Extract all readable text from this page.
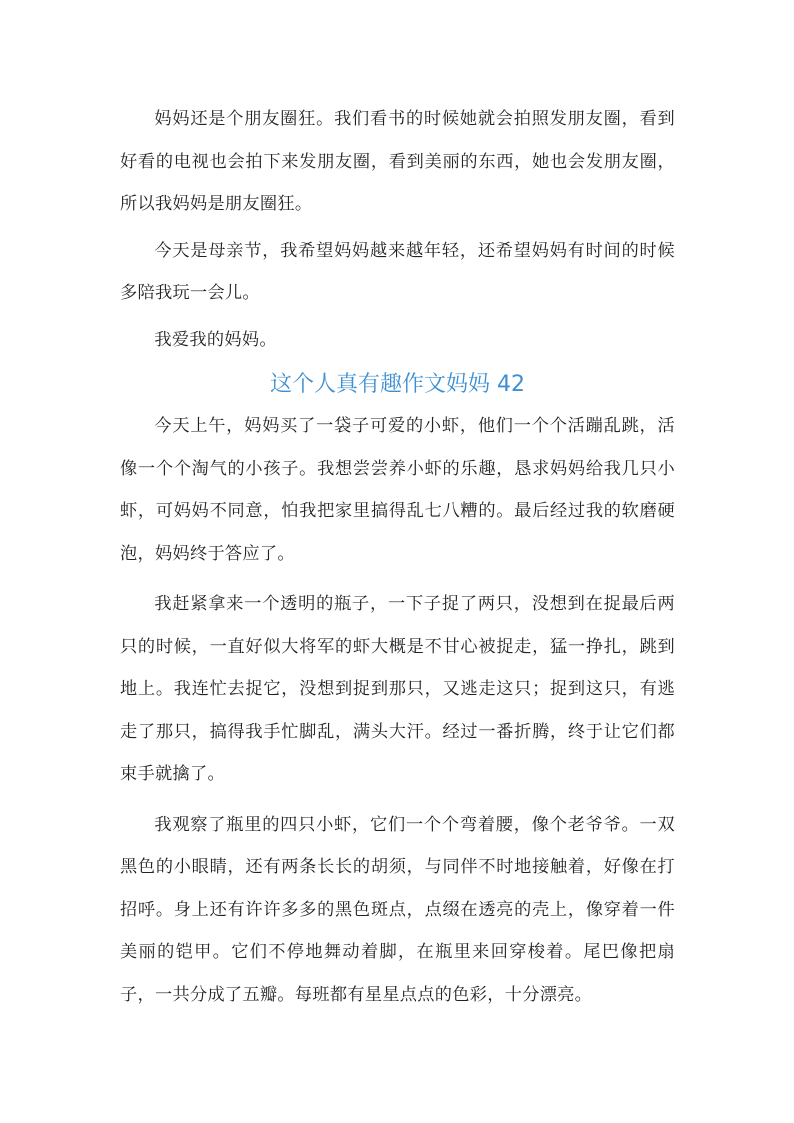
妈妈还是个朋友圈狂。我们看书的时候她就会拍照发朋友圈，看到好看的电视也会拍下来发朋友圈，看到美丽的东西，她也会发朋友圈，所以我妈妈是朋友圈狂。

今天是母亲节，我希望妈妈越来越年轻，还希望妈妈有时间的时候多陪我玩一会儿。

我爱我的妈妈。

这个人真有趣作文妈妈 42

今天上午，妈妈买了一袋子可爱的小虾，他们一个个活蹦乱跳，活像一个个淘气的小孩子。我想尝尝养小虾的乐趣，恳求妈妈给我几只小虾，可妈妈不同意，怕我把家里搞得乱七八糟的。最后经过我的软磨硬泡，妈妈终于答应了。

我赶紧拿来一个透明的瓶子，一下子捉了两只，没想到在捉最后两只的时候，一直好似大将军的虾大概是不甘心被捉走，猛一挣扎，跳到地上。我连忙去捉它，没想到捉到那只，又逃走这只；捉到这只，有逃走了那只，搞得我手忙脚乱，满头大汗。经过一番折腾，终于让它们都束手就擒了。

我观察了瓶里的四只小虾，它们一个个弯着腰，像个老爷爷。一双黑色的小眼睛，还有两条长长的胡须，与同伴不时地接触着，好像在打招呼。身上还有许许多多的黑色斑点，点缀在透亮的壳上，像穿着一件美丽的铠甲。它们不停地舞动着脚，在瓶里来回穿梭着。尾巴像把扇子，一共分成了五瓣。每班都有星星点点的色彩，十分漂亮。
